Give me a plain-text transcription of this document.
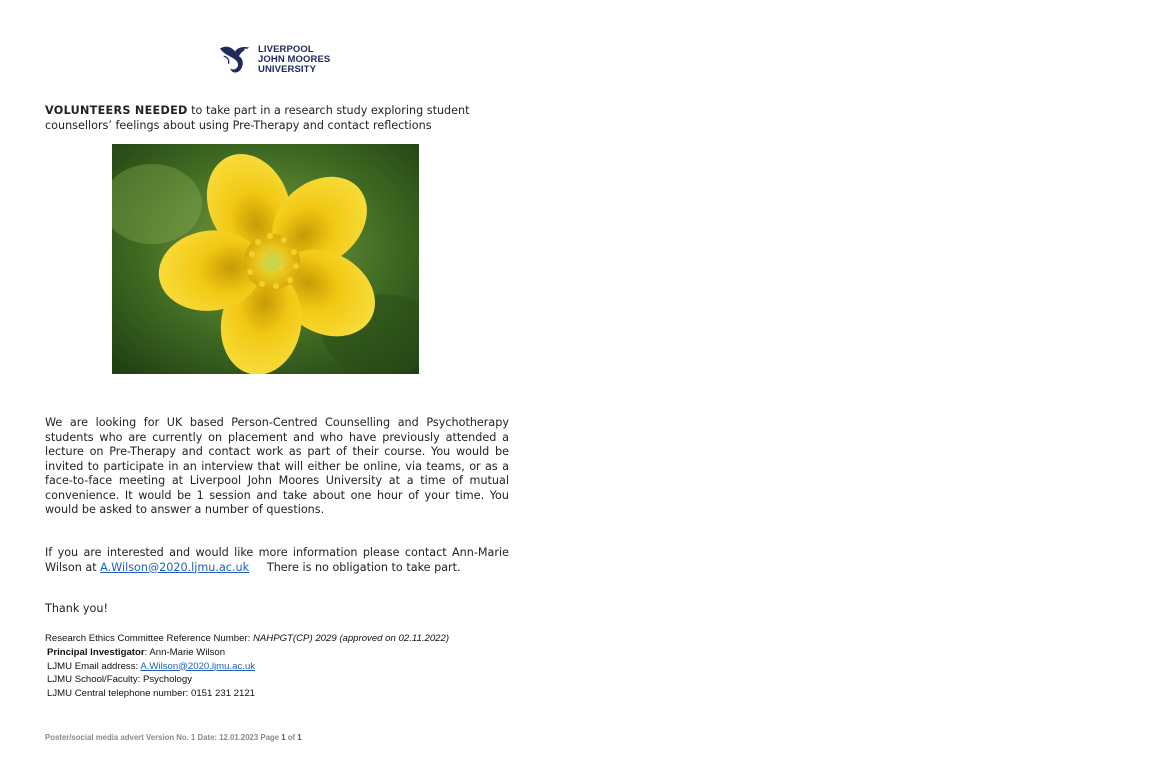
LIVERPOOL
JOHN MOORES
UNIVERSITY
VOLUNTEERS NEEDED to take part in a research study exploring student counsellors’ feelings about using Pre-Therapy and contact reflections
We are looking for UK based Person-Centred Counselling and Psychotherapy students who are currently on placement and who have previously attended a lecture on Pre-Therapy and contact work as part of their course. You would be invited to participate in an interview that will either be online, via teams, or as a face-to-face meeting at Liverpool John Moores University at a time of mutual convenience. It would be 1 session and take about one hour of your time. You would be asked to answer a number of questions.
If you are interested and would like more information please contact Ann-Marie Wilson at A.Wilson@2020.ljmu.ac.uk     There is no obligation to take part.
Thank you!
Research Ethics Committee Reference Number: NAHPGT(CP) 2029 (approved on 02.11.2022)
Principal Investigator: Ann-Marie Wilson
LJMU Email address: A.Wilson@2020.ljmu.ac.uk
LJMU School/Faculty: Psychology
LJMU Central telephone number: 0151 231 2121
Poster/social media advert Version No. 1 Date: 12.01.2023 Page 1 of 1
